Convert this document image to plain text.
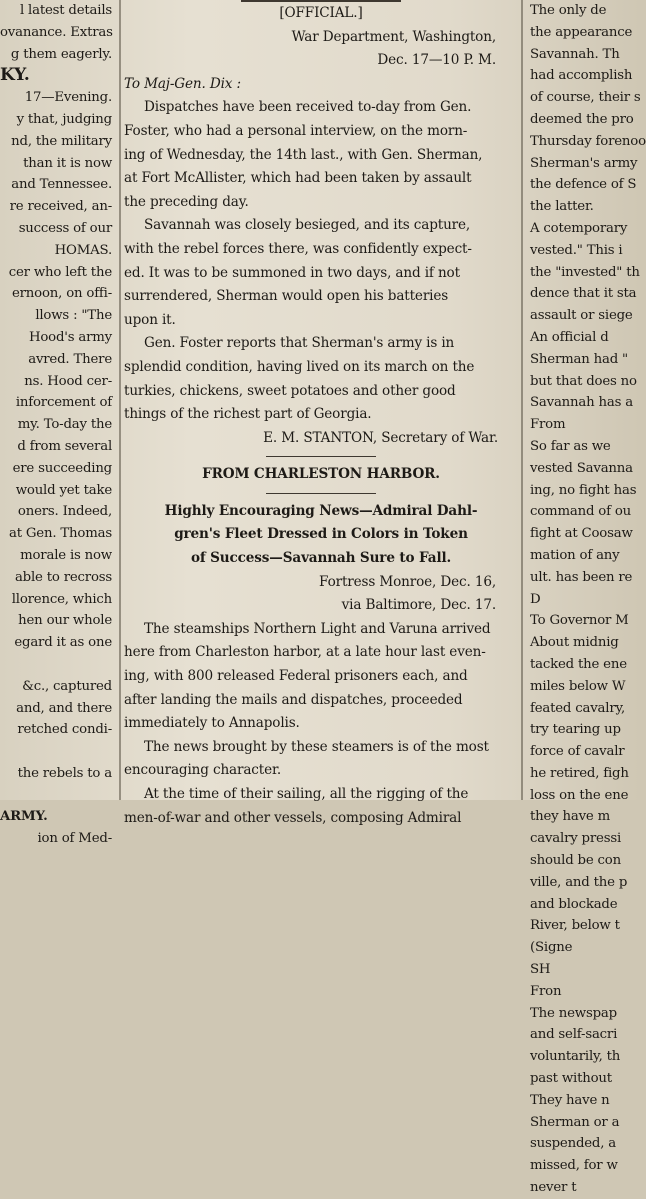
l latest details

ovanance. Extras

g them eagerly.

KY.

17—Evening.

y that, judging

nd, the military

than it is now

and Tennessee.

re received, an-

success of our

HOMAS.

cer who left the

ernoon, on offi-

llows : "The

Hood's army

avred. There

ns. Hood cer-

inforcement of

my. To-day the

d from several

ere succeeding

would yet take

oners. Indeed,

at Gen. Thomas

morale is now

able to recross

llorence, which

hen our whole

egard it as one

&c., captured

and, and there

retched condi-

the rebels to a

ARMY.

ion of Med-

[OFFICIAL.]

War Department, Washington,

Dec. 17—10 P. M.

To Maj-Gen. Dix :

Dispatches have been received to-day from Gen.

Foster, who had a personal interview, on the morn-

ing of Wednesday, the 14th last., with Gen. Sherman,

at Fort McAllister, which had been taken by assault

the preceding day.

Savannah was closely besieged, and its capture,

with the rebel forces there, was confidently expect-

ed. It was to be summoned in two days, and if not

surrendered, Sherman would open his batteries

upon it.

Gen. Foster reports that Sherman's army is in

splendid condition, having lived on its march on the

turkies, chickens, sweet potatoes and other good

things of the richest part of Georgia.

E. M. STANTON, Secretary of War.

FROM CHARLESTON HARBOR.

Highly Encouraging News—Admiral Dahl-

gren's Fleet Dressed in Colors in Token

of Success—Savannah Sure to Fall.

Fortress Monroe, Dec. 16,

via Baltimore, Dec. 17.

The steamships Northern Light and Varuna arrived

here from Charleston harbor, at a late hour last even-

ing, with 800 released Federal prisoners each, and

after landing the mails and dispatches, proceeded

immediately to Annapolis.

The news brought by these steamers is of the most

encouraging character.

At the time of their sailing, all the rigging of the

men-of-war and other vessels, composing Admiral

The only de

the appearance

Savannah. Th

had accomplish

of course, their s

deemed the pro

Thursday forenoo

Sherman's army

the defence of S

the latter.

A cotemporary

vested." This i

the "invested" th

dence that it sta

assault or siege

An official d

Sherman had "

but that does no

Savannah has a

From

So far as we

vested Savanna

ing, no fight has

command of ou

fight at Coosaw

mation of any

ult. has been re

D

To Governor M

About midnig

tacked the ene

miles below W

feated cavalry,

try tearing up

force of cavalr

he retired, figh

loss on the ene

they have m

cavalry pressi

should be con

ville, and the p

and blockade

River, below t

(Signe

SH

Fron

The newspap

and self-sacri

voluntarily, th

past without

They have n

Sherman or a

suspended, a

missed, for w

never t
